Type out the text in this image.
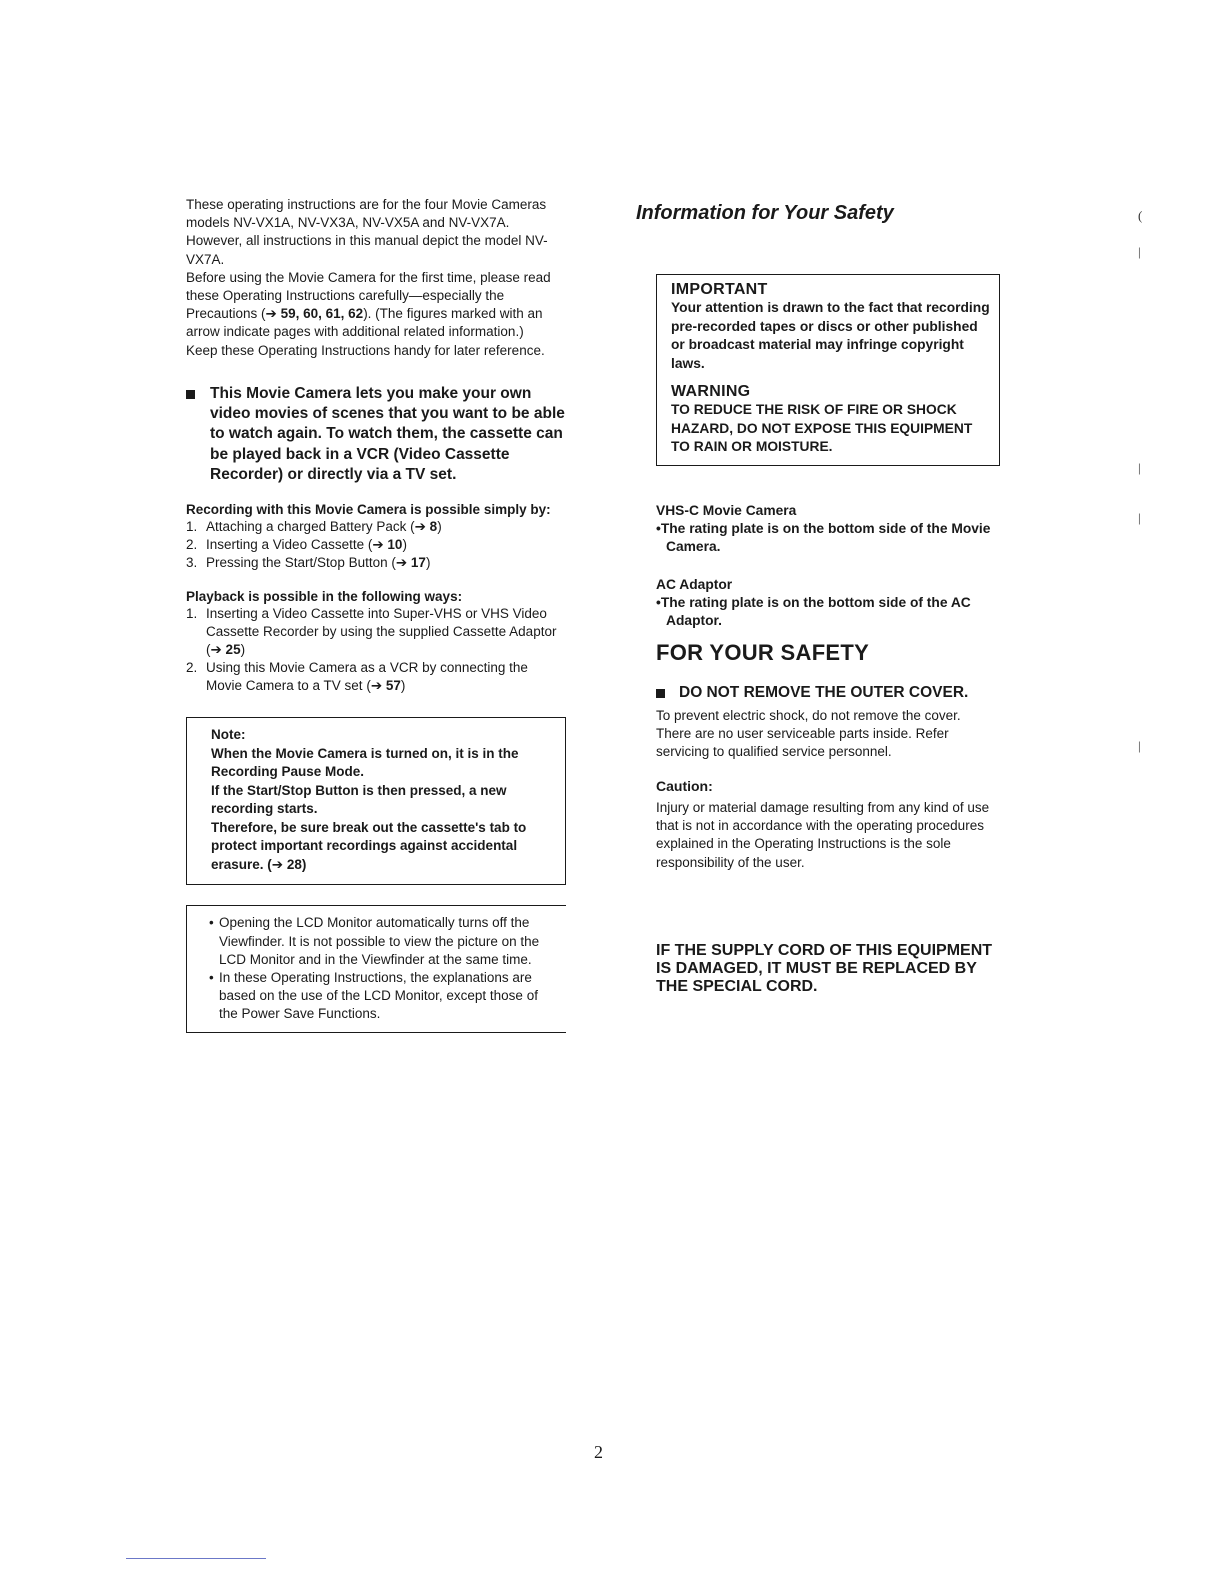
These operating instructions are for the four Movie Cameras models NV-VX1A, NV-VX3A, NV-VX5A and NV-VX7A. However, all instructions in this manual depict the model NV-VX7A.

Before using the Movie Camera for the first time, please read these Operating Instructions carefully—especially the Precautions (➔ 59, 60, 61, 62). (The figures marked with an arrow indicate pages with additional related information.)

Keep these Operating Instructions handy for later reference.

This Movie Camera lets you make your own video movies of scenes that you want to be able to watch again. To watch them, the cassette can be played back in a VCR (Video Cassette Recorder) or directly via a TV set.
Recording with this Movie Camera is possible simply by:
1. Attaching a charged Battery Pack (➔ 8)
2. Inserting a Video Cassette (➔ 10)
3. Pressing the Start/Stop Button (➔ 17)
Playback is possible in the following ways:
1. Inserting a Video Cassette into Super-VHS or VHS Video Cassette Recorder by using the supplied Cassette Adaptor (➔ 25)
2. Using this Movie Camera as a VCR by connecting the Movie Camera to a TV set (➔ 57)
Note:
When the Movie Camera is turned on, it is in the Recording Pause Mode.
If the Start/Stop Button is then pressed, a new recording starts.
Therefore, be sure break out the cassette's tab to protect important recordings against accidental erasure. (➔ 28)
• Opening the LCD Monitor automatically turns off the Viewfinder. It is not possible to view the picture on the LCD Monitor and in the Viewfinder at the same time.
• In these Operating Instructions, the explanations are based on the use of the LCD Monitor, except those of the Power Save Functions.
Information for Your Safety
IMPORTANT
Your attention is drawn to the fact that recording pre-recorded tapes or discs or other published or broadcast material may infringe copyright laws.
WARNING
TO REDUCE THE RISK OF FIRE OR SHOCK HAZARD, DO NOT EXPOSE THIS EQUIPMENT TO RAIN OR MOISTURE.
VHS-C Movie Camera
•The rating plate is on the bottom side of the Movie Camera.
AC Adaptor
•The rating plate is on the bottom side of the AC Adaptor.
FOR YOUR SAFETY
DO NOT REMOVE THE OUTER COVER.
To prevent electric shock, do not remove the cover. There are no user serviceable parts inside. Refer servicing to qualified service personnel.
Caution:
Injury or material damage resulting from any kind of use that is not in accordance with the operating procedures explained in the Operating Instructions is the sole responsibility of the user.
IF THE SUPPLY CORD OF THIS EQUIPMENT IS DAMAGED, IT MUST BE REPLACED BY THE SPECIAL CORD.
2
(
|
|
|
|
